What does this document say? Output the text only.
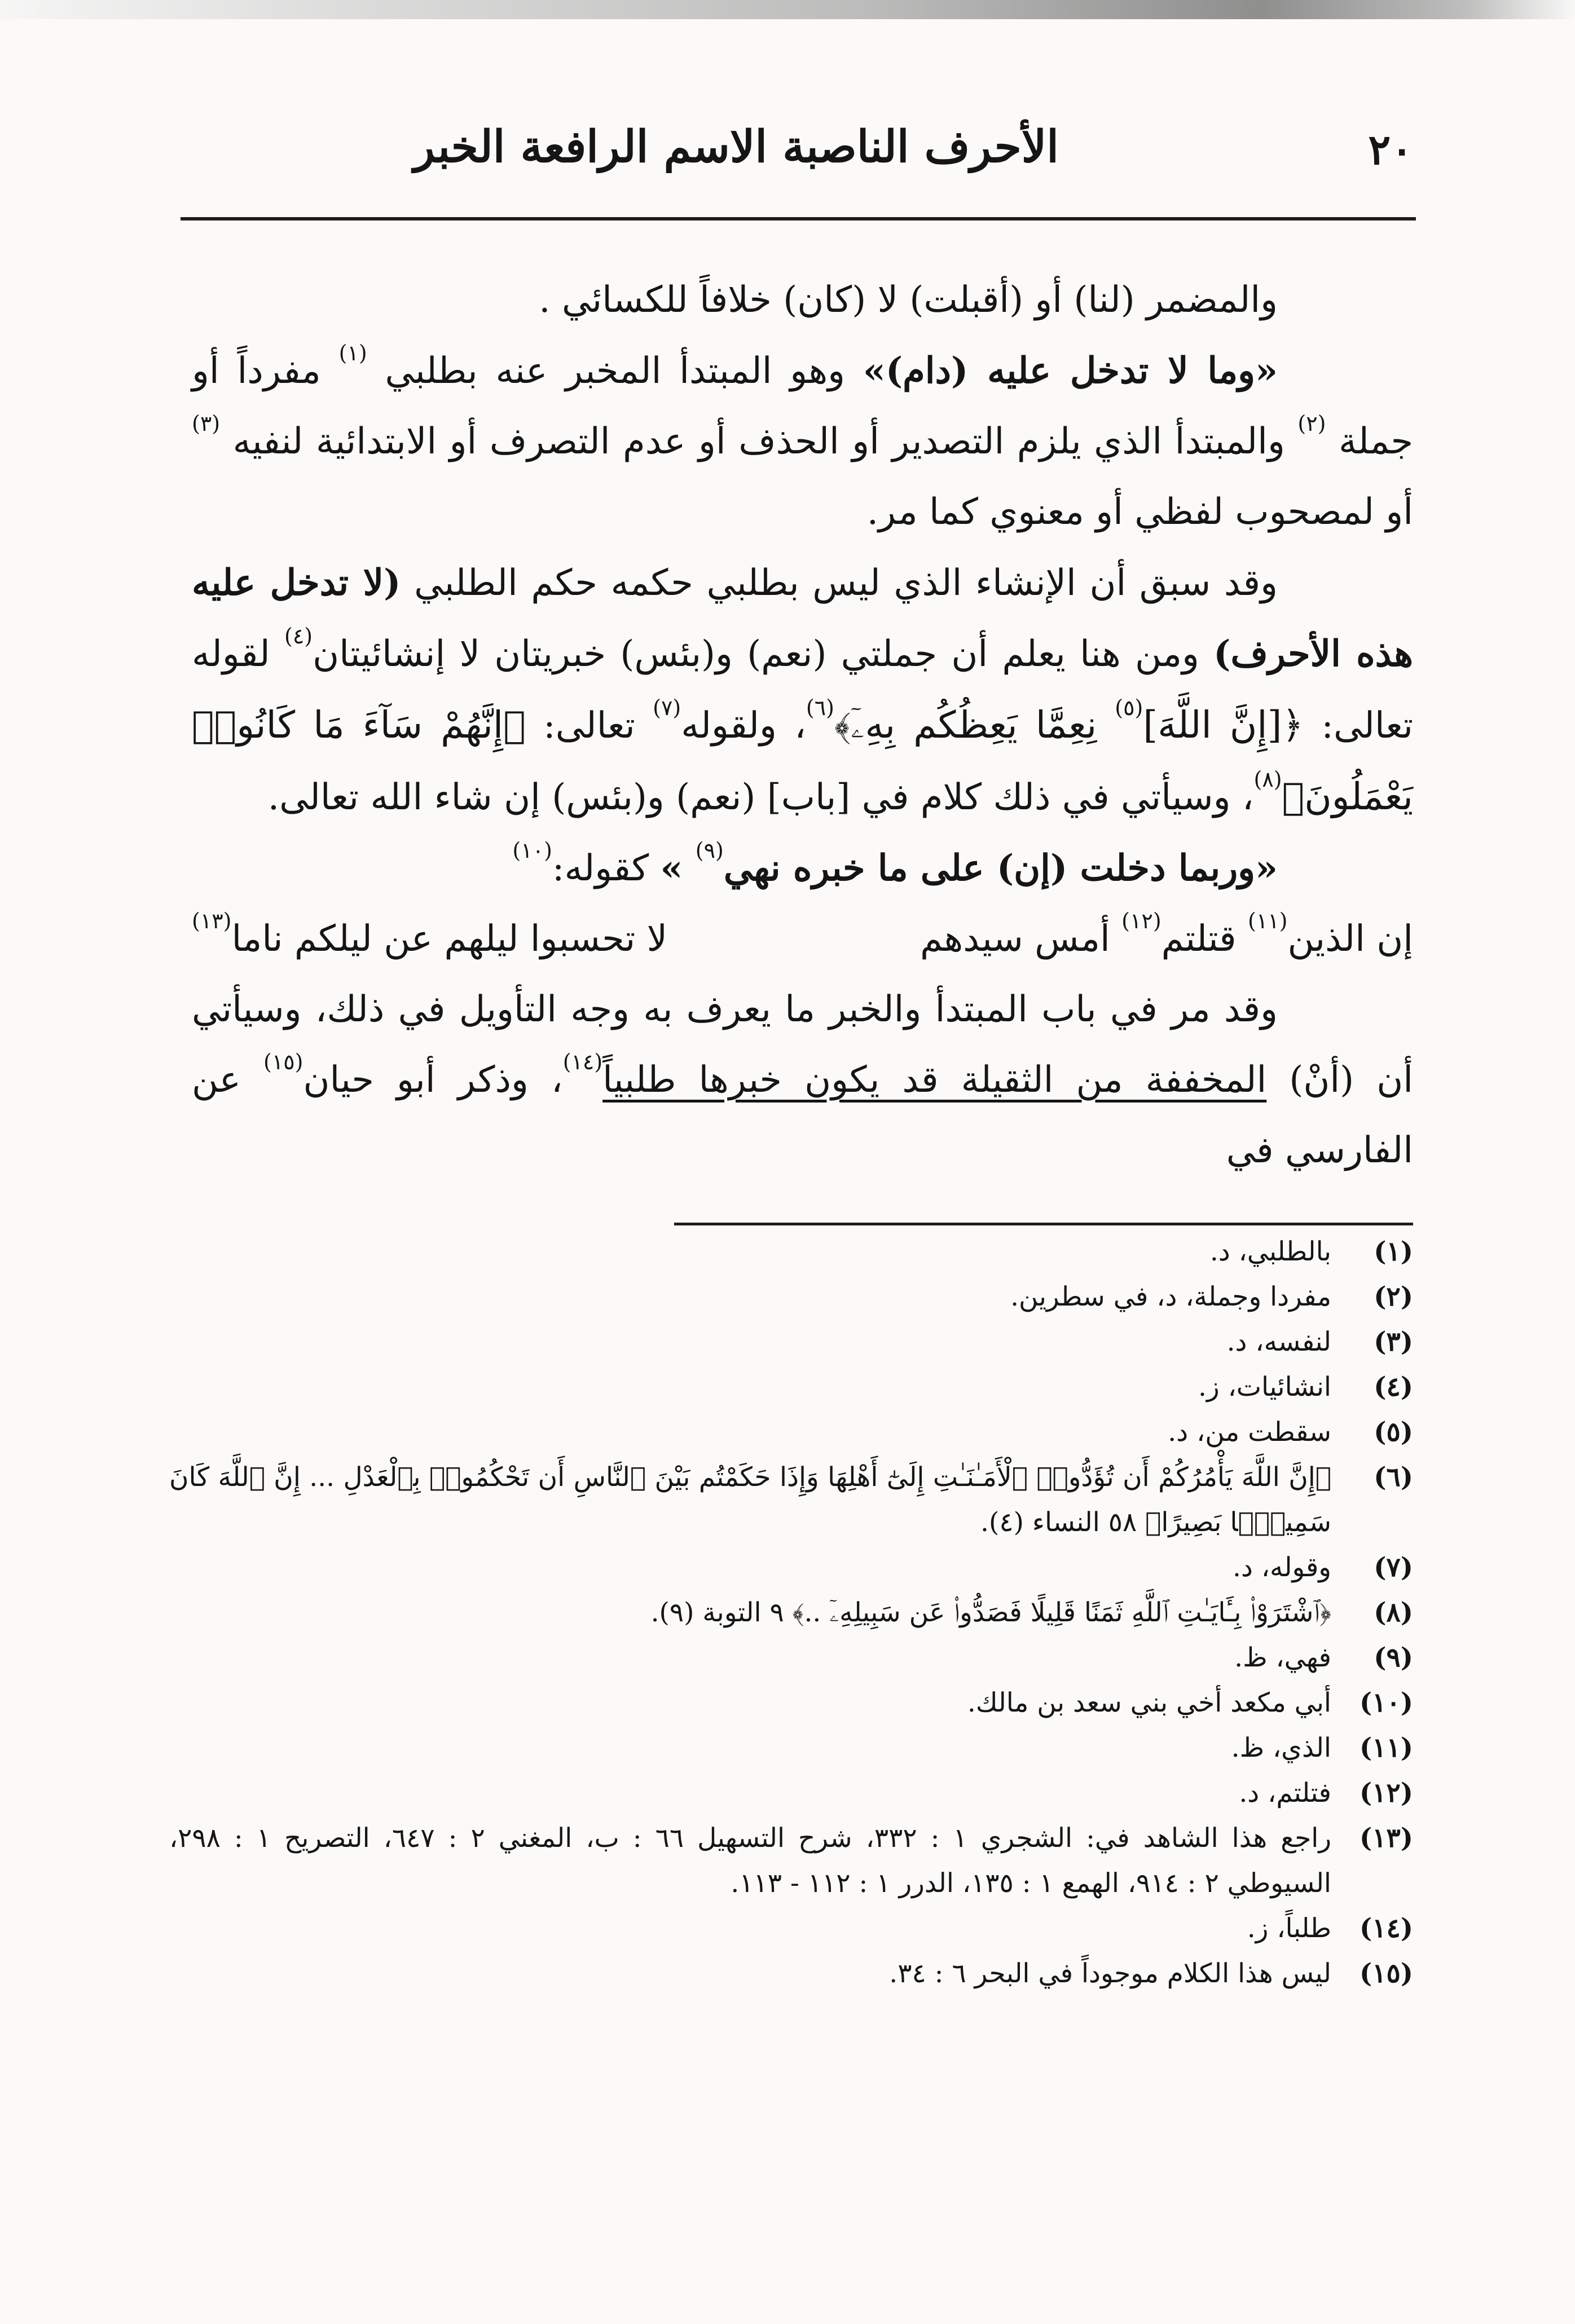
٢٠
الأحرف الناصبة الاسم الرافعة الخبر

والمضمر (لنا) أو (أقبلت) لا (كان) خلافاً للكسائي .

«وما لا تدخل عليه (دام)» وهو المبتدأ المخبر عنه بطلبي $^{(١)}$ مفرداً أو جملة $^{(٢)}$ والمبتدأ الذي يلزم التصدير أو الحذف أو عدم التصرف أو الابتدائية لنفيه $^{(٣)}$ أو لمصحوب لفظي أو معنوي كما مر.

وقد سبق أن الإنشاء الذي ليس بطلبي حكمه حكم الطلبي (لا تدخل عليه هذه الأحرف) ومن هنا يعلم أن جملتي (نعم) و(بئس) خبريتان لا إنشائيتان$^{(٤)}$ لقوله تعالى: ﴿[إِنَّ اللَّهَ]$^{(٥)}$ نِعِمَّا يَعِظُكُم بِهِۦٓ﴾$^{(٦)}$، ولقوله$^{(٧)}$ تعالى: ﴿إِنَّهُمْ سَآءَ مَا كَانُوا۟ يَعْمَلُونَ﴾$^{(٨)}$، وسيأتي في ذلك كلام في [باب] (نعم) و(بئس) إن شاء الله تعالى.

«وربما دخلت (إن) على ما خبره نهي$^{(٩)}$ » كقوله:$^{(١٠)}$

إن الذين$^{(١١)}$ قتلتم$^{(١٢)}$ أمس سيدهم
لا تحسبوا ليلهم عن ليلكم ناما$^{(١٣)}$

وقد مر في باب المبتدأ والخبر ما يعرف به وجه التأويل في ذلك، وسيأتي أن (أنْ) المخففة من الثقيلة قد يكون خبرها طلبياً$^{(١٤)}$، وذكر أبو حيان$^{(١٥)}$ عن الفارسي في

(١)
بالطلبي، د.
(٢)
مفردا وجملة، د، في سطرين.
(٣)
لنفسه، د.
(٤)
انشائيات، ز.
(٥)
سقطت من، د.
(٦)
﴿إِنَّ اللَّهَ يَأْمُرُكُمْ أَن تُؤَدُّوا۟ ٱلْأَمَـٰنَـٰتِ إِلَىٰٓ أَهْلِهَا وَإِذَا حَكَمْتُم بَيْنَ ٱلنَّاسِ أَن تَحْكُمُوا۟ بِٱلْعَدْلِ ... إِنَّ ٱللَّهَ كَانَ سَمِيعًۢا بَصِيرًا﴾ ٥٨ النساء (٤).
(٧)
وقوله، د.
(٨)
﴿ٱشْتَرَوْا۟ بِـَٔايَـٰتِ ٱللَّهِ ثَمَنًا قَلِيلًا فَصَدُّوا۟ عَن سَبِيلِهِۦٓ ..﴾ ٩ التوبة (٩).
(٩)
فهي، ظ.
(١٠)
أبي مكعد أخي بني سعد بن مالك.
(١١)
الذي، ظ.
(١٢)
فتلتم، د.
(١٣)
راجع هذا الشاهد في: الشجري ١ : ٣٣٢، شرح التسهيل ٦٦ : ب، المغني ٢ : ٦٤٧، التصريح ١ : ٢٩٨، السيوطي ٢ : ٩١٤، الهمع ١ : ١٣٥، الدرر ١ : ١١٢ - ١١٣.
(١٤)
طلباً، ز.
(١٥)
ليس هذا الكلام موجوداً في البحر ٦ : ٣٤.
